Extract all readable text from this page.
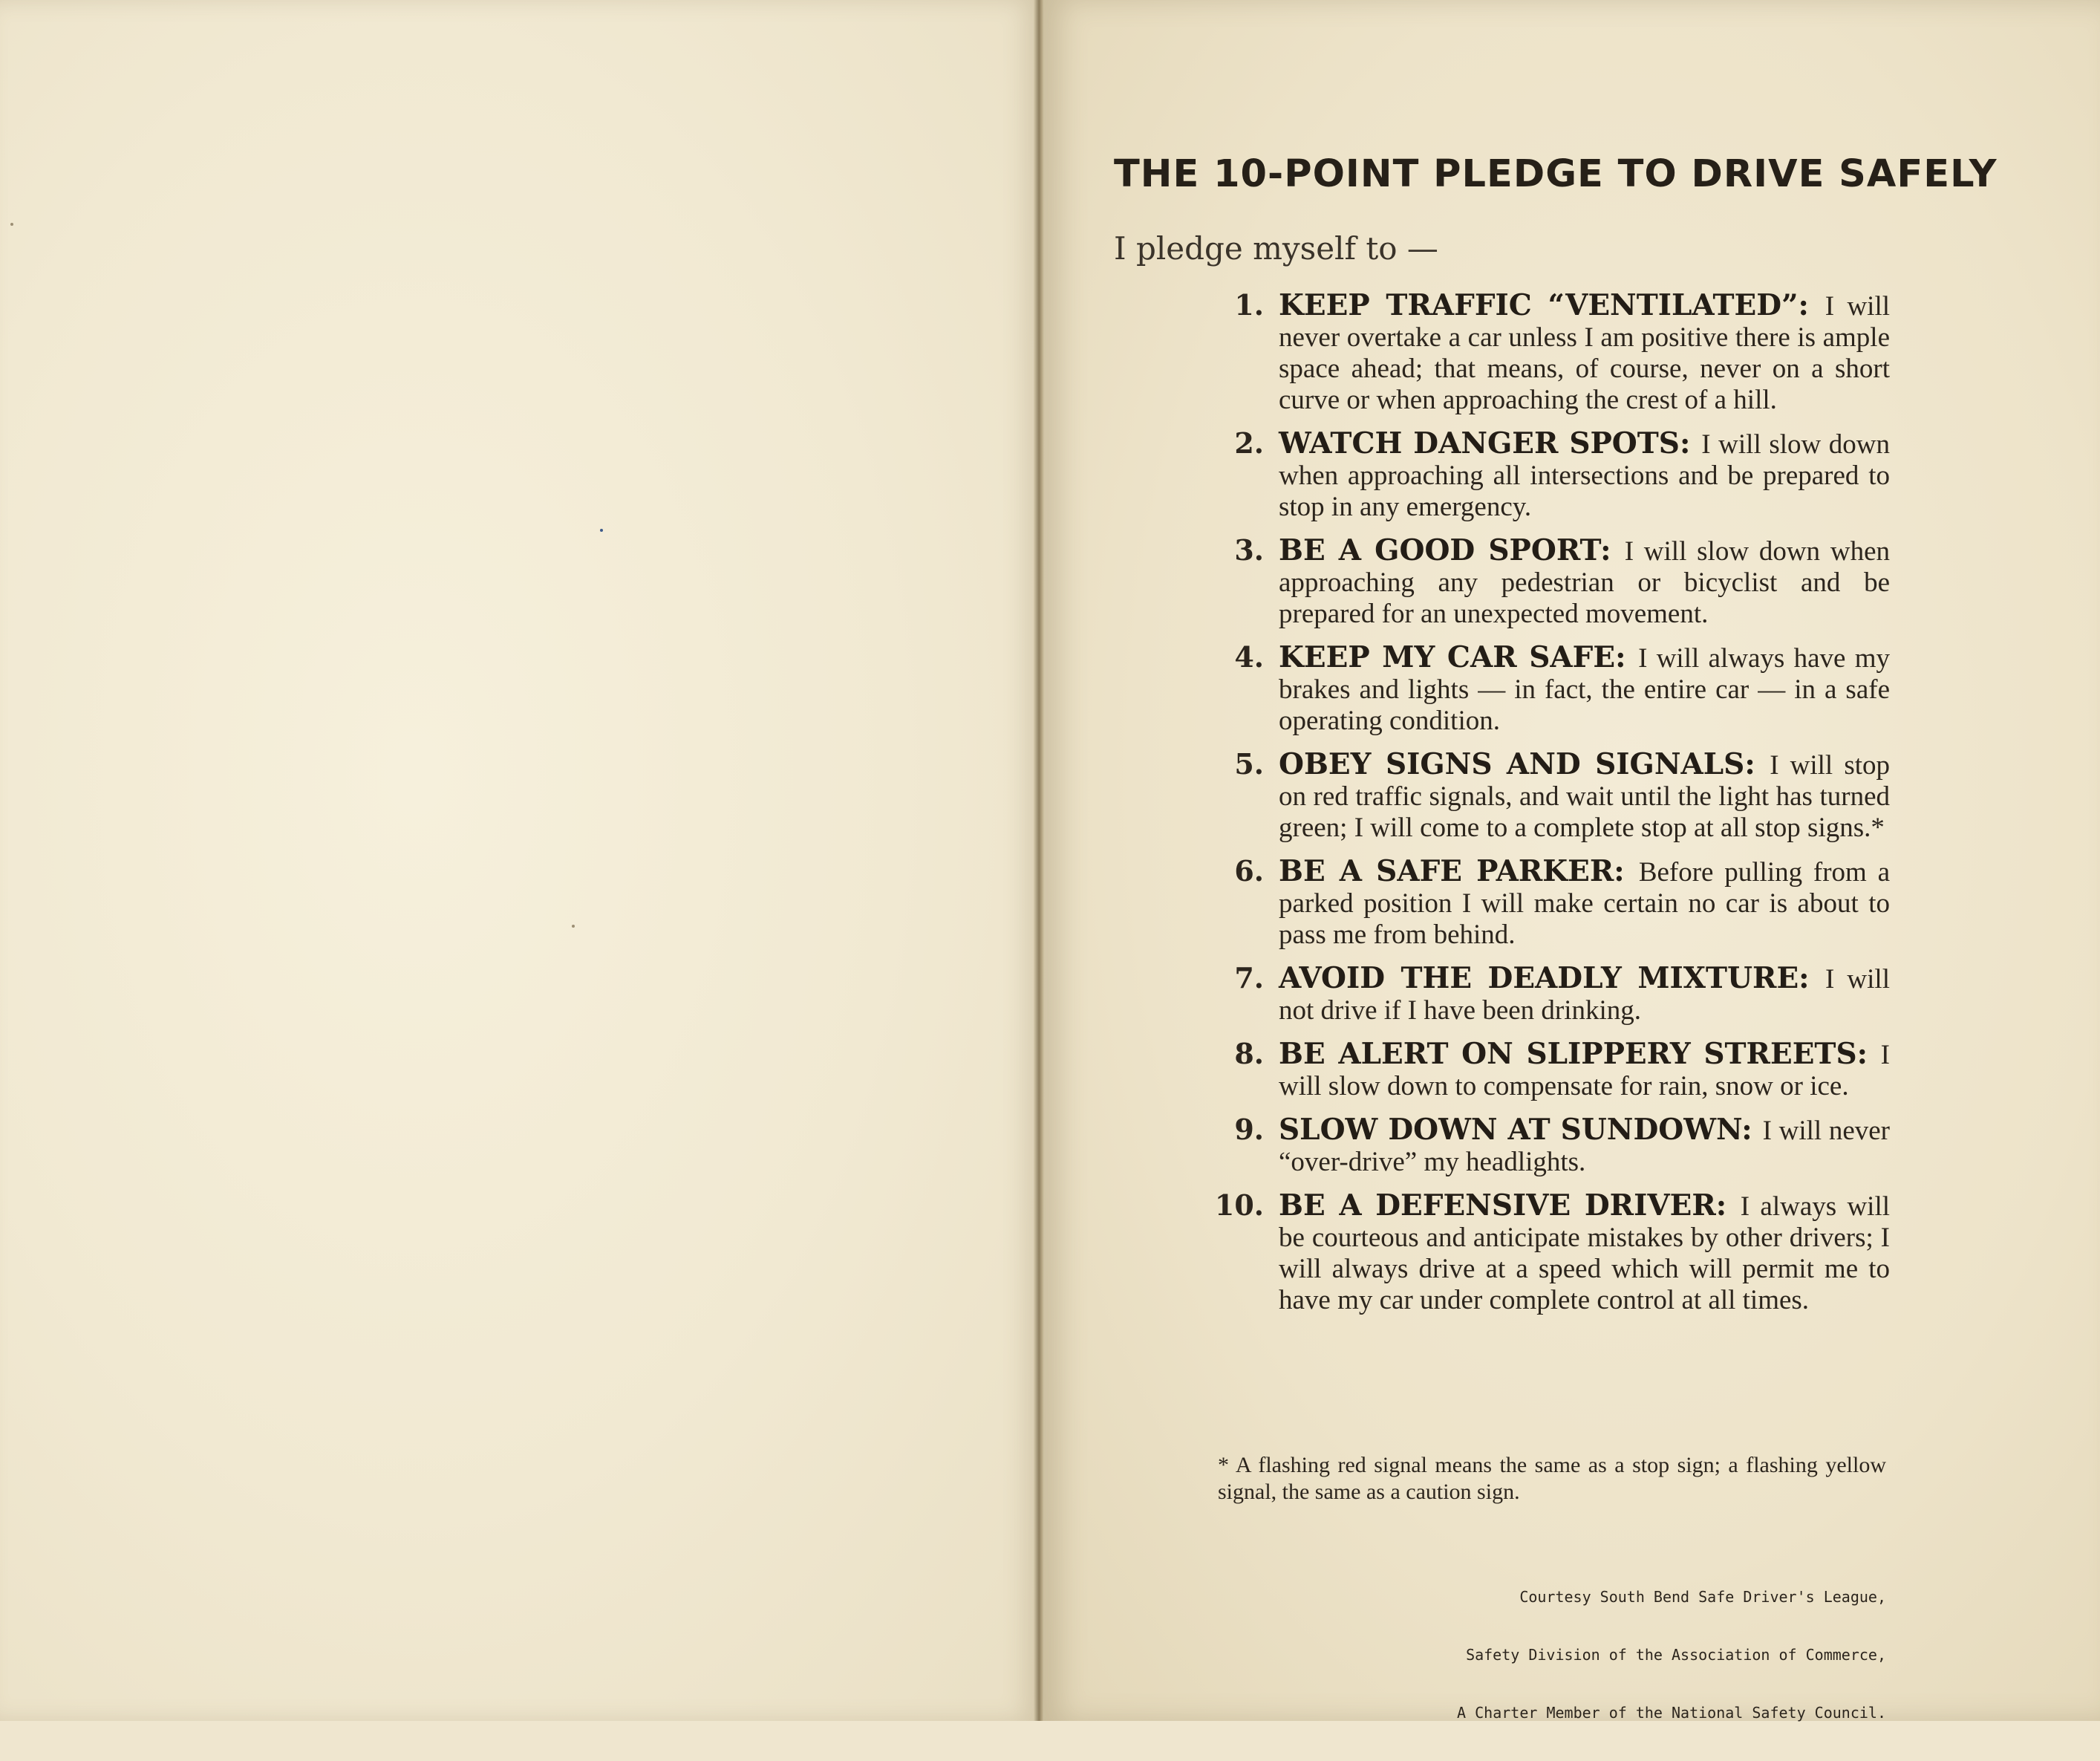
THE 10-POINT PLEDGE TO DRIVE SAFELY
I pledge myself to —
1. KEEP TRAFFIC “VENTILATED”: I will never overtake a car unless I am positive there is ample space ahead; that means, of course, never on a short curve or when approaching the crest of a hill.
2. WATCH DANGER SPOTS: I will slow down when approaching all intersections and be prepared to stop in any emergency.
3. BE A GOOD SPORT: I will slow down when approaching any pedestrian or bicyclist and be prepared for an unexpected movement.
4. KEEP MY CAR SAFE: I will always have my brakes and lights — in fact, the entire car — in a safe operating condition.
5. OBEY SIGNS AND SIGNALS: I will stop on red traffic signals, and wait until the light has turned green; I will come to a complete stop at all stop signs.*
6. BE A SAFE PARKER: Before pulling from a parked position I will make certain no car is about to pass me from behind.
7. AVOID THE DEADLY MIXTURE: I will not drive if I have been drinking.
8. BE ALERT ON SLIPPERY STREETS: I will slow down to compensate for rain, snow or ice.
9. SLOW DOWN AT SUNDOWN: I will never “over-drive” my headlights.
10. BE A DEFENSIVE DRIVER: I always will be courteous and anticipate mistakes by other drivers; I will always drive at a speed which will permit me to have my car under complete control at all times.
* A flashing red signal means the same as a stop sign; a flashing yellow signal, the same as a caution sign.

Courtesy South Bend Safe Driver's League,

Safety Division of the Association of Commerce,

A Charter Member of the National Safety Council.
